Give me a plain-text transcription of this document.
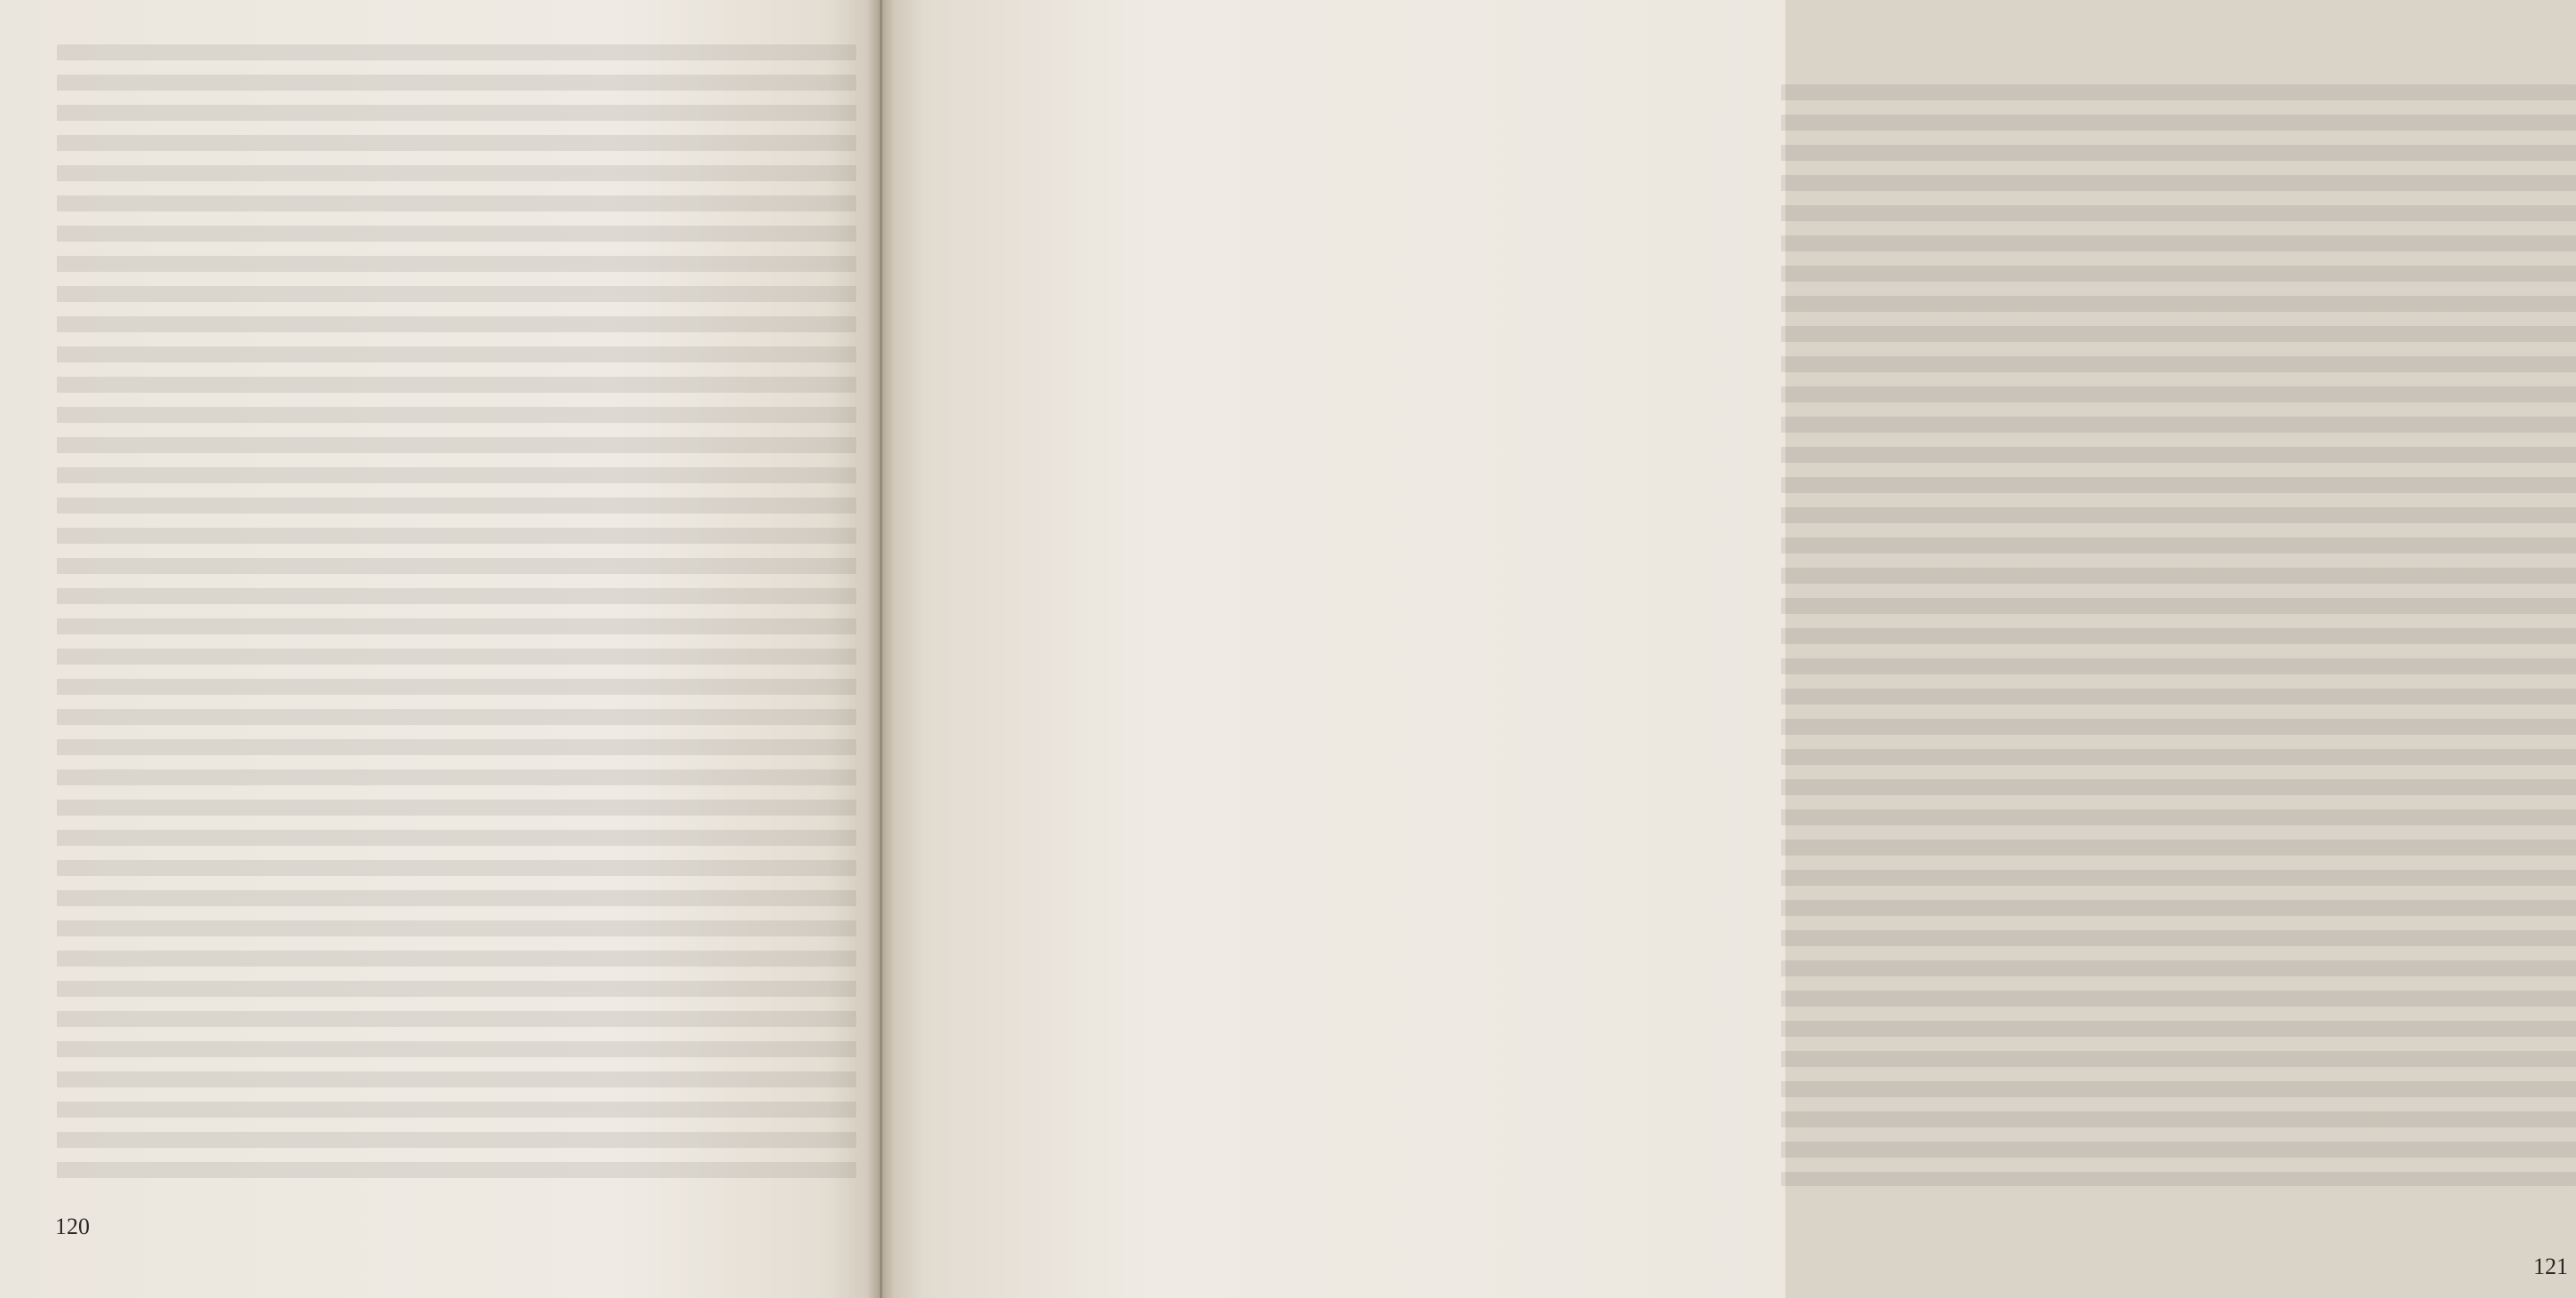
120
121
